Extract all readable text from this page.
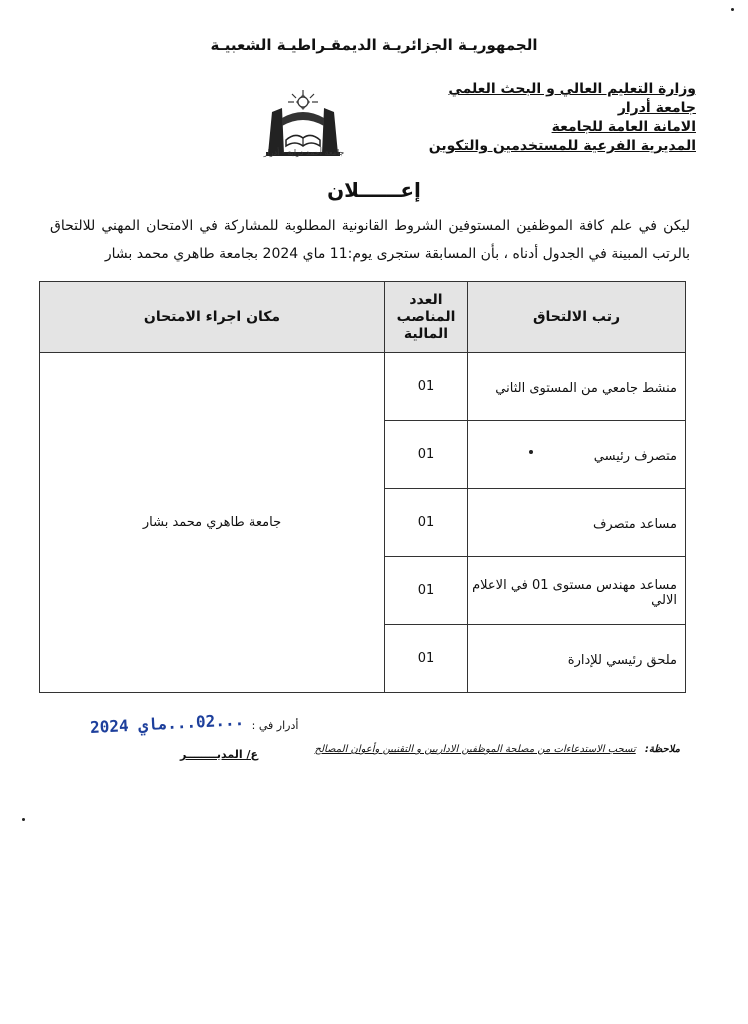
الجمهوريـة الجزائريـة الديمقـراطيـة الشعبيـة
وزارة التعليم العالي و البحث العلمي
جامعة أدرار
الامانة العامة للجامعة
المديرية الفرعية للمستخدمين والتكوين
جامعة أحمد دراية - أدرار
إعــــــلان
ليكن في علم كافة الموظفين المستوفين الشروط القانونية المطلوبة للمشاركة في الامتحان المهني للالتحاق بالرتب المبينة في الجدول أدناه ، بأن المسابقة ستجرى يوم:11 ماي 2024 بجامعة طاهري محمد بشار
رتب الالتحاق	العدد المناصب المالية	مكان اجراء الامتحان
منشط جامعي من المستوى الثاني	01	جامعة طاهري محمد بشار
متصرف رئيسي	01	
مساعد متصرف	01	
مساعد مهندس مستوى 01 في الاعلام الالي	01	
ملحق رئيسي للإدارة	01	
أدرار في : ...02...ماي 2024
ع/ المديــــــــر	ملاحظة: تسحب الاستدعاءات من مصلحة الموظفين الاداريين و التقنيين وأعوان المصالح
